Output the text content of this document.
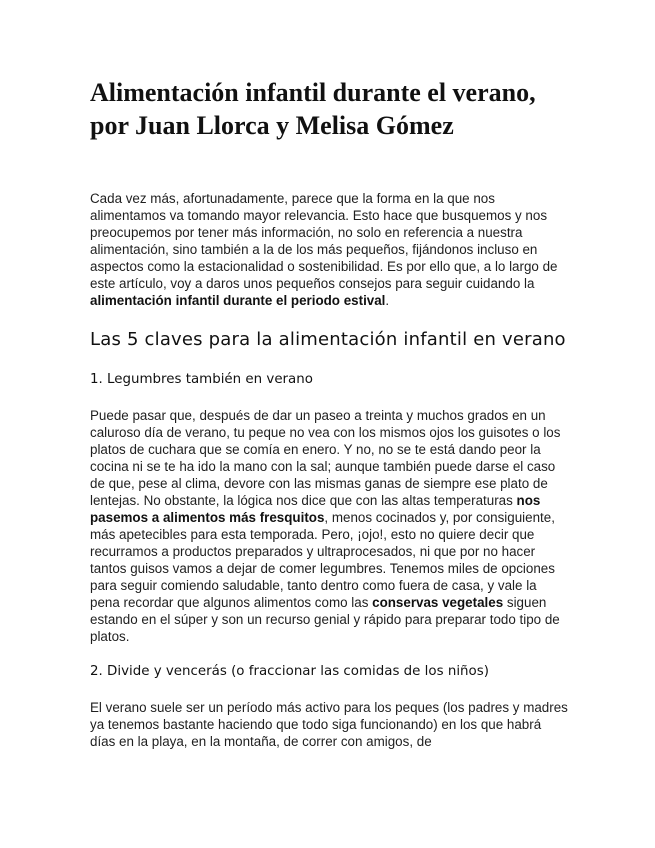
Alimentación infantil durante el verano, por Juan Llorca y Melisa Gómez

Cada vez más, afortunadamente, parece que la forma en la que nos alimentamos va tomando mayor relevancia. Esto hace que busquemos y nos preocupemos por tener más información, no solo en referencia a nuestra alimentación, sino también a la de los más pequeños, fijándonos incluso en aspectos como la estacionalidad o sostenibilidad. Es por ello que, a lo largo de este artículo, voy a daros unos pequeños consejos para seguir cuidando la alimentación infantil durante el periodo estival.

Las 5 claves para la alimentación infantil en verano
1. Legumbres también en verano

Puede pasar que, después de dar un paseo a treinta y muchos grados en un caluroso día de verano, tu peque no vea con los mismos ojos los guisotes o los platos de cuchara que se comía en enero. Y no, no se te está dando peor la cocina ni se te ha ido la mano con la sal; aunque también puede darse el caso de que, pese al clima, devore con las mismas ganas de siempre ese plato de lentejas. No obstante, la lógica nos dice que con las altas temperaturas nos pasemos a alimentos más fresquitos, menos cocinados y, por consiguiente, más apetecibles para esta temporada. Pero, ¡ojo!, esto no quiere decir que recurramos a productos preparados y ultraprocesados, ni que por no hacer tantos guisos vamos a dejar de comer legumbres. Tenemos miles de opciones para seguir comiendo saludable, tanto dentro como fuera de casa, y vale la pena recordar que algunos alimentos como las conservas vegetales siguen estando en el súper y son un recurso genial y rápido para preparar todo tipo de platos.

2. Divide y vencerás (o fraccionar las comidas de los niños)

El verano suele ser un período más activo para los peques (los padres y madres ya tenemos bastante haciendo que todo siga funcionando) en los que habrá días en la playa, en la montaña, de correr con amigos, de
